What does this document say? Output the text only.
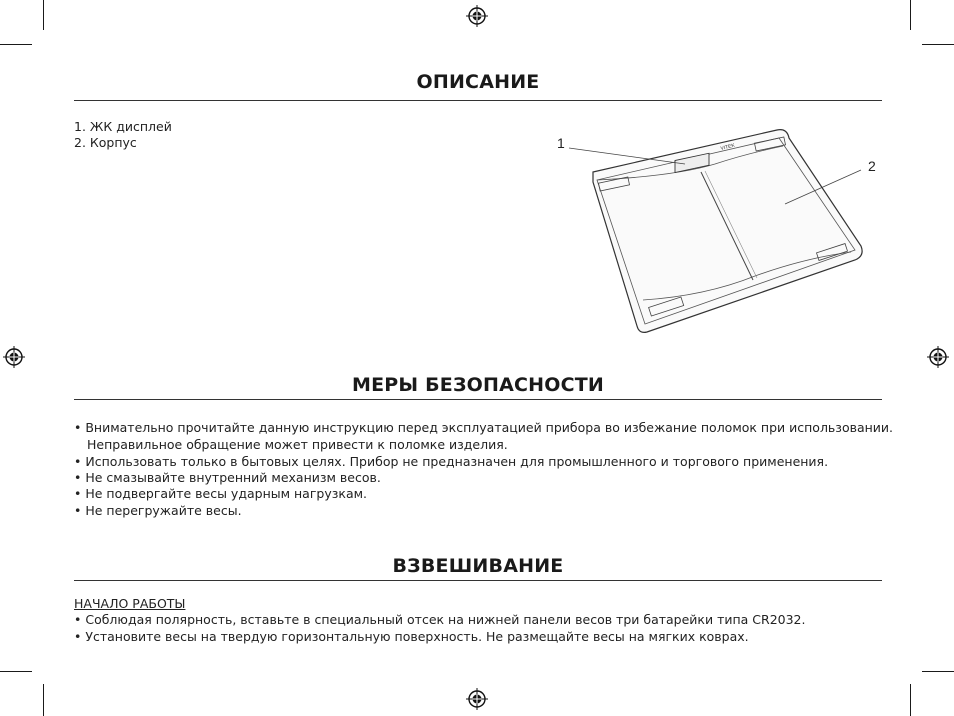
ОПИСАНИЕ
1. ЖК дисплей
2. Корпус	VITEK
1
2
МЕРЫ БЕЗОПАСНОСТИ
• Внимательно прочитайте данную инструкцию перед эксплуатацией прибора во избежание поломок при использовании.
Неправильное обращение может привести к поломке изделия.
• Использовать только в бытовых целях. Прибор не предназначен для промышленного и торгового применения.
• Не смазывайте внутренний механизм весов.
• Не подвергайте весы ударным нагрузкам.
• Не перегружайте весы.
ВЗВЕШИВАНИЕ
НАЧАЛО РАБОТЫ
• Соблюдая полярность, вставьте в специальный отсек на нижней панели весов три батарейки типа CR2032.
• Установите весы на твердую горизонтальную поверхность. Не размещайте весы на мягких коврах.
